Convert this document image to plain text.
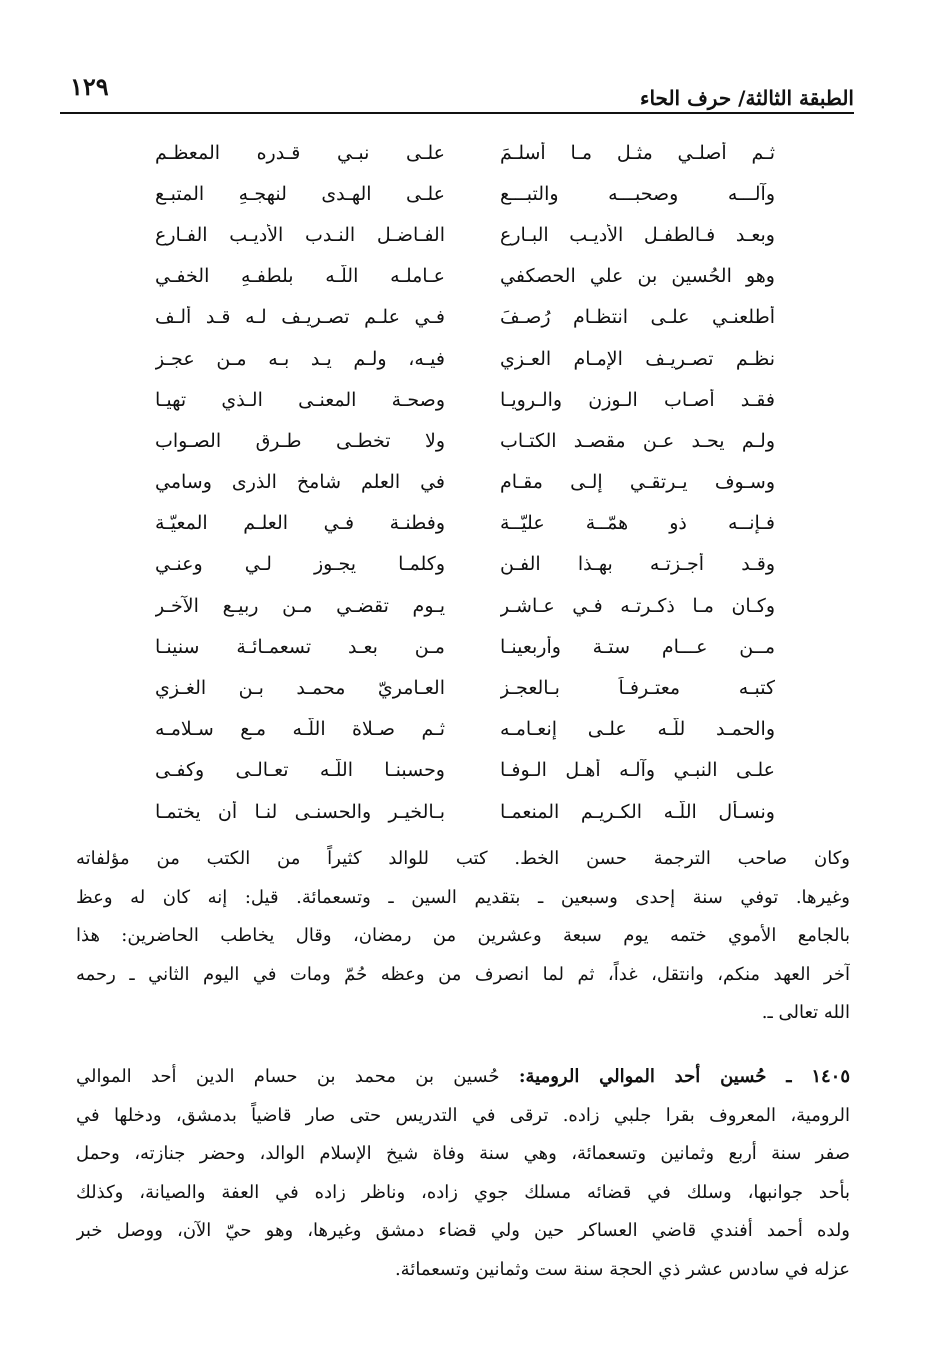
الطبقة الثالثة/ حرف الحاء
١٢٩
ثـم أصلـي مثـل مـا أسلـمَ
علـى نبـي قـدره المعظـمِ
وآلـــه وصحبـــه والتبـــع
علـى الهـدى لنهجـهِ المتبـع
وبعـد فـالطفـل الأديـب البـارع
الفـاضـل النـدب الأديـب الفـارع
وهو الحُسين بن علي الحصكفي
عـاملـه اللّـه بلطفـهِ الخفـي
أطلعنـي علـى انتظـام رُصـفَ
فـي علـم تصـريـف لـه قـد ألـف
نظـم تصـريـف الإمـام العـزي
فيـه، ولـم يـد بـه مـن عجـزِ
فقـد أصـاب الـوزن والـرويـا
وصحـة المعنـى الـذي تهيـا
ولـم يحـد عـن مقصـد الكتـاب
ولا تخطـى طـرق الصـواب
وسـوف يـرتقـي إلـى مقـام
في العلمِ شامخ الذرى وسامي
فـإنــه ذو همّــة عليّــة
وفطنـة فـي العلـم المعيّـة
وقـد أجـزتـه بهـذا الفـن
وكلمـا يجـوز لـي وعنـي
وكـان مـا ذكـرتـه فـي عـاشـر
يـوم تقضـي مـن ربيـع الآخـر
مــن عـــام ستـة وأربعينـا
مـن بعـد تسعمـائـة سنينـا
كتبـه معتـرفـاً بـالعجـزِ
العـامريّ محمـد بـن الغـزي
والحمـد للّـه علـى إنعـامـه
ثـم صـلاة اللّـه مـع سـلامـه
علـى النبـي وآلـه أهـل الـوفـا
وحسبنـا اللّـه تعـالـى وكفـى
ونسـأل اللّـه الكـريـم المنعمـا
بـالخيـر والحسنـى لنـا أن يختمـا
وكان صاحب الترجمة حسن الخط. كتب للوالد كثيراً من الكتب من مؤلفاته
وغيرها. توفي سنة إحدى وسبعين ـ بتقديم السين ـ وتسعمائة. قيل: إنه كان له وعظ
بالجامع الأموي ختمه يوم سبعة وعشرين من رمضان، وقال يخاطب الحاضرين: هذا
آخر العهد منكم، وانتقل، غداً، ثم لما انصرف من وعظه حُمّ ومات في اليوم الثاني ـ رحمه
الله تعالى ـ.
١٤٠٥ ـ حُسين أحد الموالي الرومية: حُسين بن محمد بن حسام الدين أحد الموالي
الرومية، المعروف بقرا جلبي زاده. ترقى في التدريس حتى صار قاضياً بدمشق، ودخلها في
صفر سنة أربع وثمانين وتسعمائة، وهي سنة وفاة شيخ الإسلام الوالد، وحضر جنازته، وحمل
بأحد جوانبها، وسلك في قضائه مسلك جوي زاده، وناظر زاده في العفة والصيانة، وكذلك
ولده أحمد أفندي قاضي العساكر حين ولي قضاء دمشق وغيرها، وهو حيّ الآن، ووصل خبر
عزله في سادس عشر ذي الحجة سنة ست وثمانين وتسعمائة.
